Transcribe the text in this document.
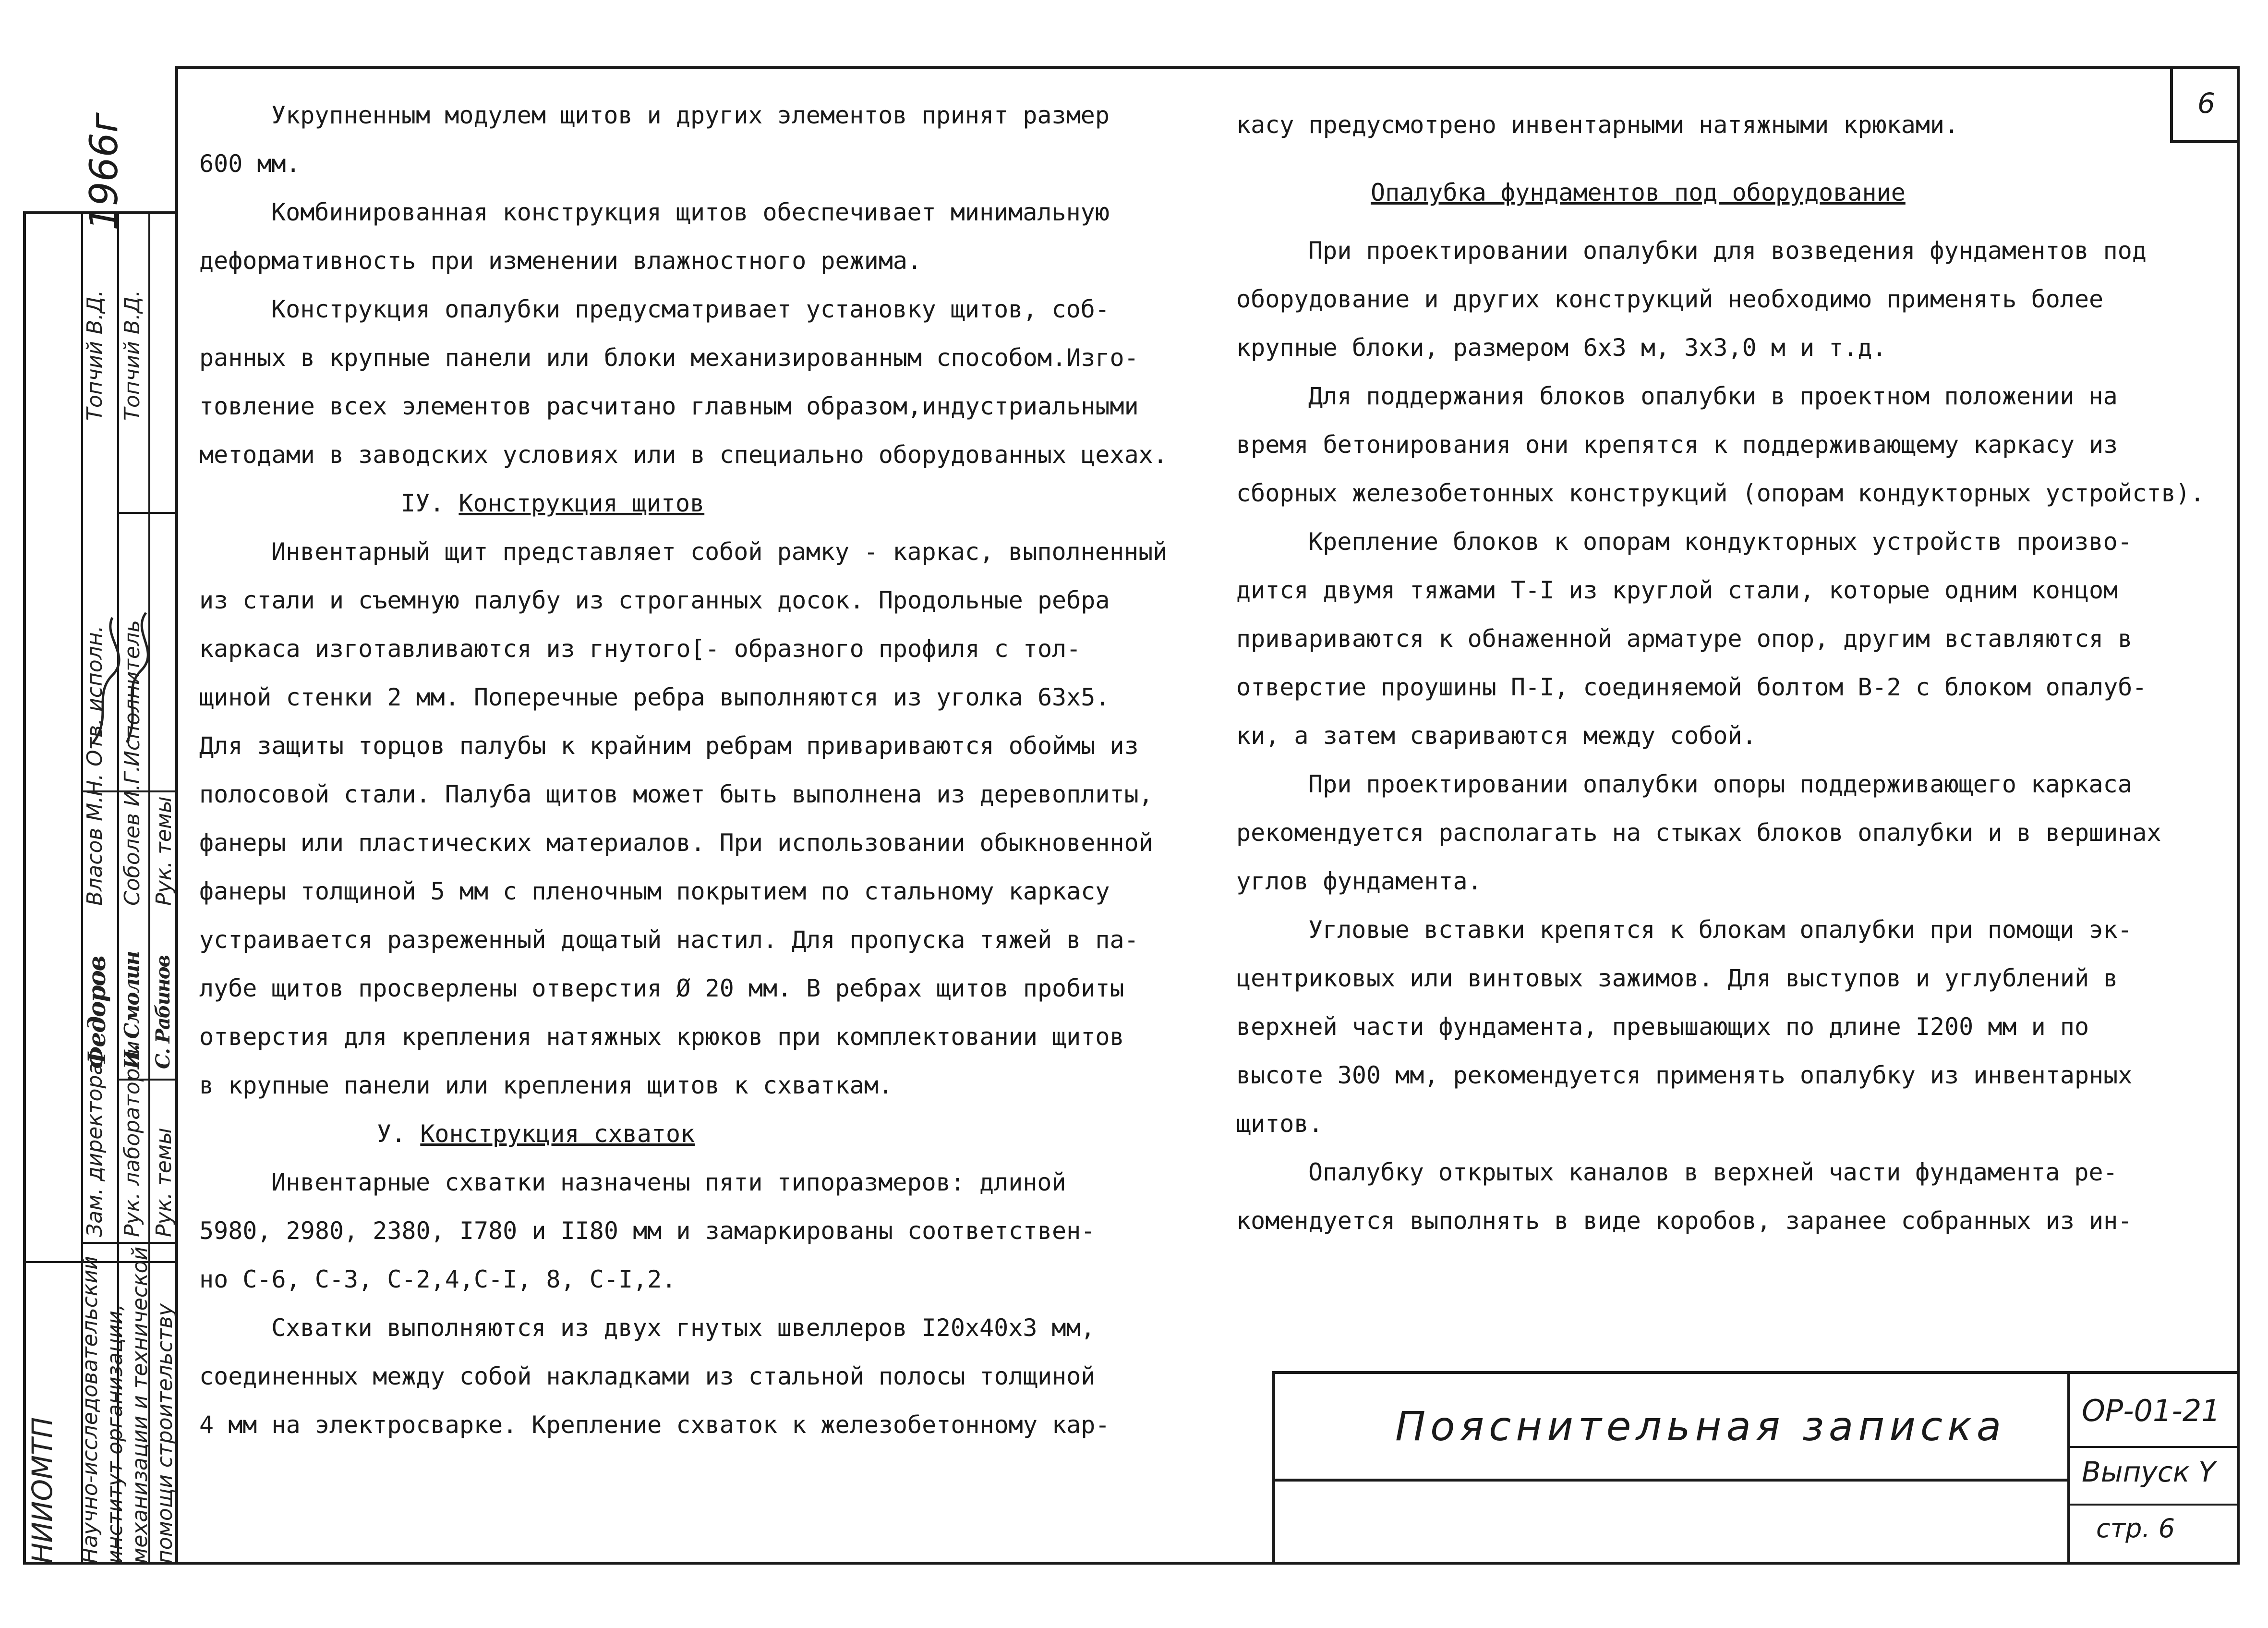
1966г
6
НИИОМТП Научно-исследовательский институт организации, механизации и технической помощи строительству
Зам. директора Рук. лаборатории Рук. темы
Федоров И. Смолин С. Рабинов
Власов М.Н.
Отв. исполн.
Топчий В.Д.
Соболев И.Г.
Исполнитель
Топчий В.Д.
Рук. темы

Укрупненным модулем щитов и других элементов принят размер

600 мм.

Комбинированная конструкция щитов обеспечивает минимальную

деформативность при изменении влажностного режима.

Конструкция опалубки предусматривает установку щитов, соб-

ранных в крупные панели или блоки механизированным способом.Изго-

товление всех элементов расчитано главным образом,индустриальными

методами в заводских условиях или в специально оборудованных цехах.

IУ. Конструкция щитов

Инвентарный щит представляет собой рамку - каркас, выполненный

из стали и съемную палубу из строганных досок. Продольные ребра

каркаса изготавливаются из гнутого[- образного профиля с тол-

щиной стенки 2 мм. Поперечные ребра выполняются из уголка 63х5.

Для защиты торцов палубы к крайним ребрам привариваются обоймы из

полосовой стали. Палуба щитов может быть выполнена из деревоплиты,

фанеры или пластических материалов. При использовании обыкновенной

фанеры толщиной 5 мм с пленочным покрытием по стальному каркасу

устраивается разреженный дощатый настил. Для пропуска тяжей в па-

лубе щитов просверлены отверстия Ø 20 мм. В ребрах щитов пробиты

отверстия для крепления натяжных крюков при комплектовании щитов

в крупные панели или крепления щитов к схваткам.

У. Конструкция схваток

Инвентарные схватки назначены пяти типоразмеров: длиной

5980, 2980, 2380, I780 и II80 мм и замаркированы соответствен-

но С-6, С-3, С-2,4,С-I, 8, С-I,2.

Схватки выполняются из двух гнутых швеллеров I20х40х3 мм,

соединенных между собой накладками из стальной полосы толщиной

4 мм на электросварке. Крепление схваток к железобетонному кар-

касу предусмотрено инвентарными натяжными крюками.

Опалубка фундаментов под оборудование

При проектировании опалубки для возведения фундаментов под

оборудование и других конструкций необходимо применять более

крупные блоки, размером 6х3 м, 3х3,0 м и т.д.

Для поддержания блоков опалубки в проектном положении на

время бетонирования они крепятся к поддерживающему каркасу из

сборных железобетонных конструкций (опорам кондукторных устройств).

Крепление блоков к опорам кондукторных устройств произво-

дится двумя тяжами Т-I из круглой стали, которые одним концом

привариваются к обнаженной арматуре опор, другим вставляются в

отверстие проушины П-I, соединяемой болтом В-2 с блоком опалуб-

ки, а затем свариваются между собой.

При проектировании опалубки опоры поддерживающего каркаса

рекомендуется располагать на стыках блоков опалубки и в вершинах

углов фундамента.

Угловые вставки крепятся к блокам опалубки при помощи эк-

центриковых или винтовых зажимов. Для выступов и углублений в

верхней части фундамента, превышающих по длине I200 мм и по

высоте 300 мм, рекомендуется применять опалубку из инвентарных

щитов.

Опалубку открытых каналов в верхней части фундамента ре-

комендуется выполнять в виде коробов, заранее собранных из ин-

Пояснительная записка	ОР-01-21
Выпуск Y
стр. 6
